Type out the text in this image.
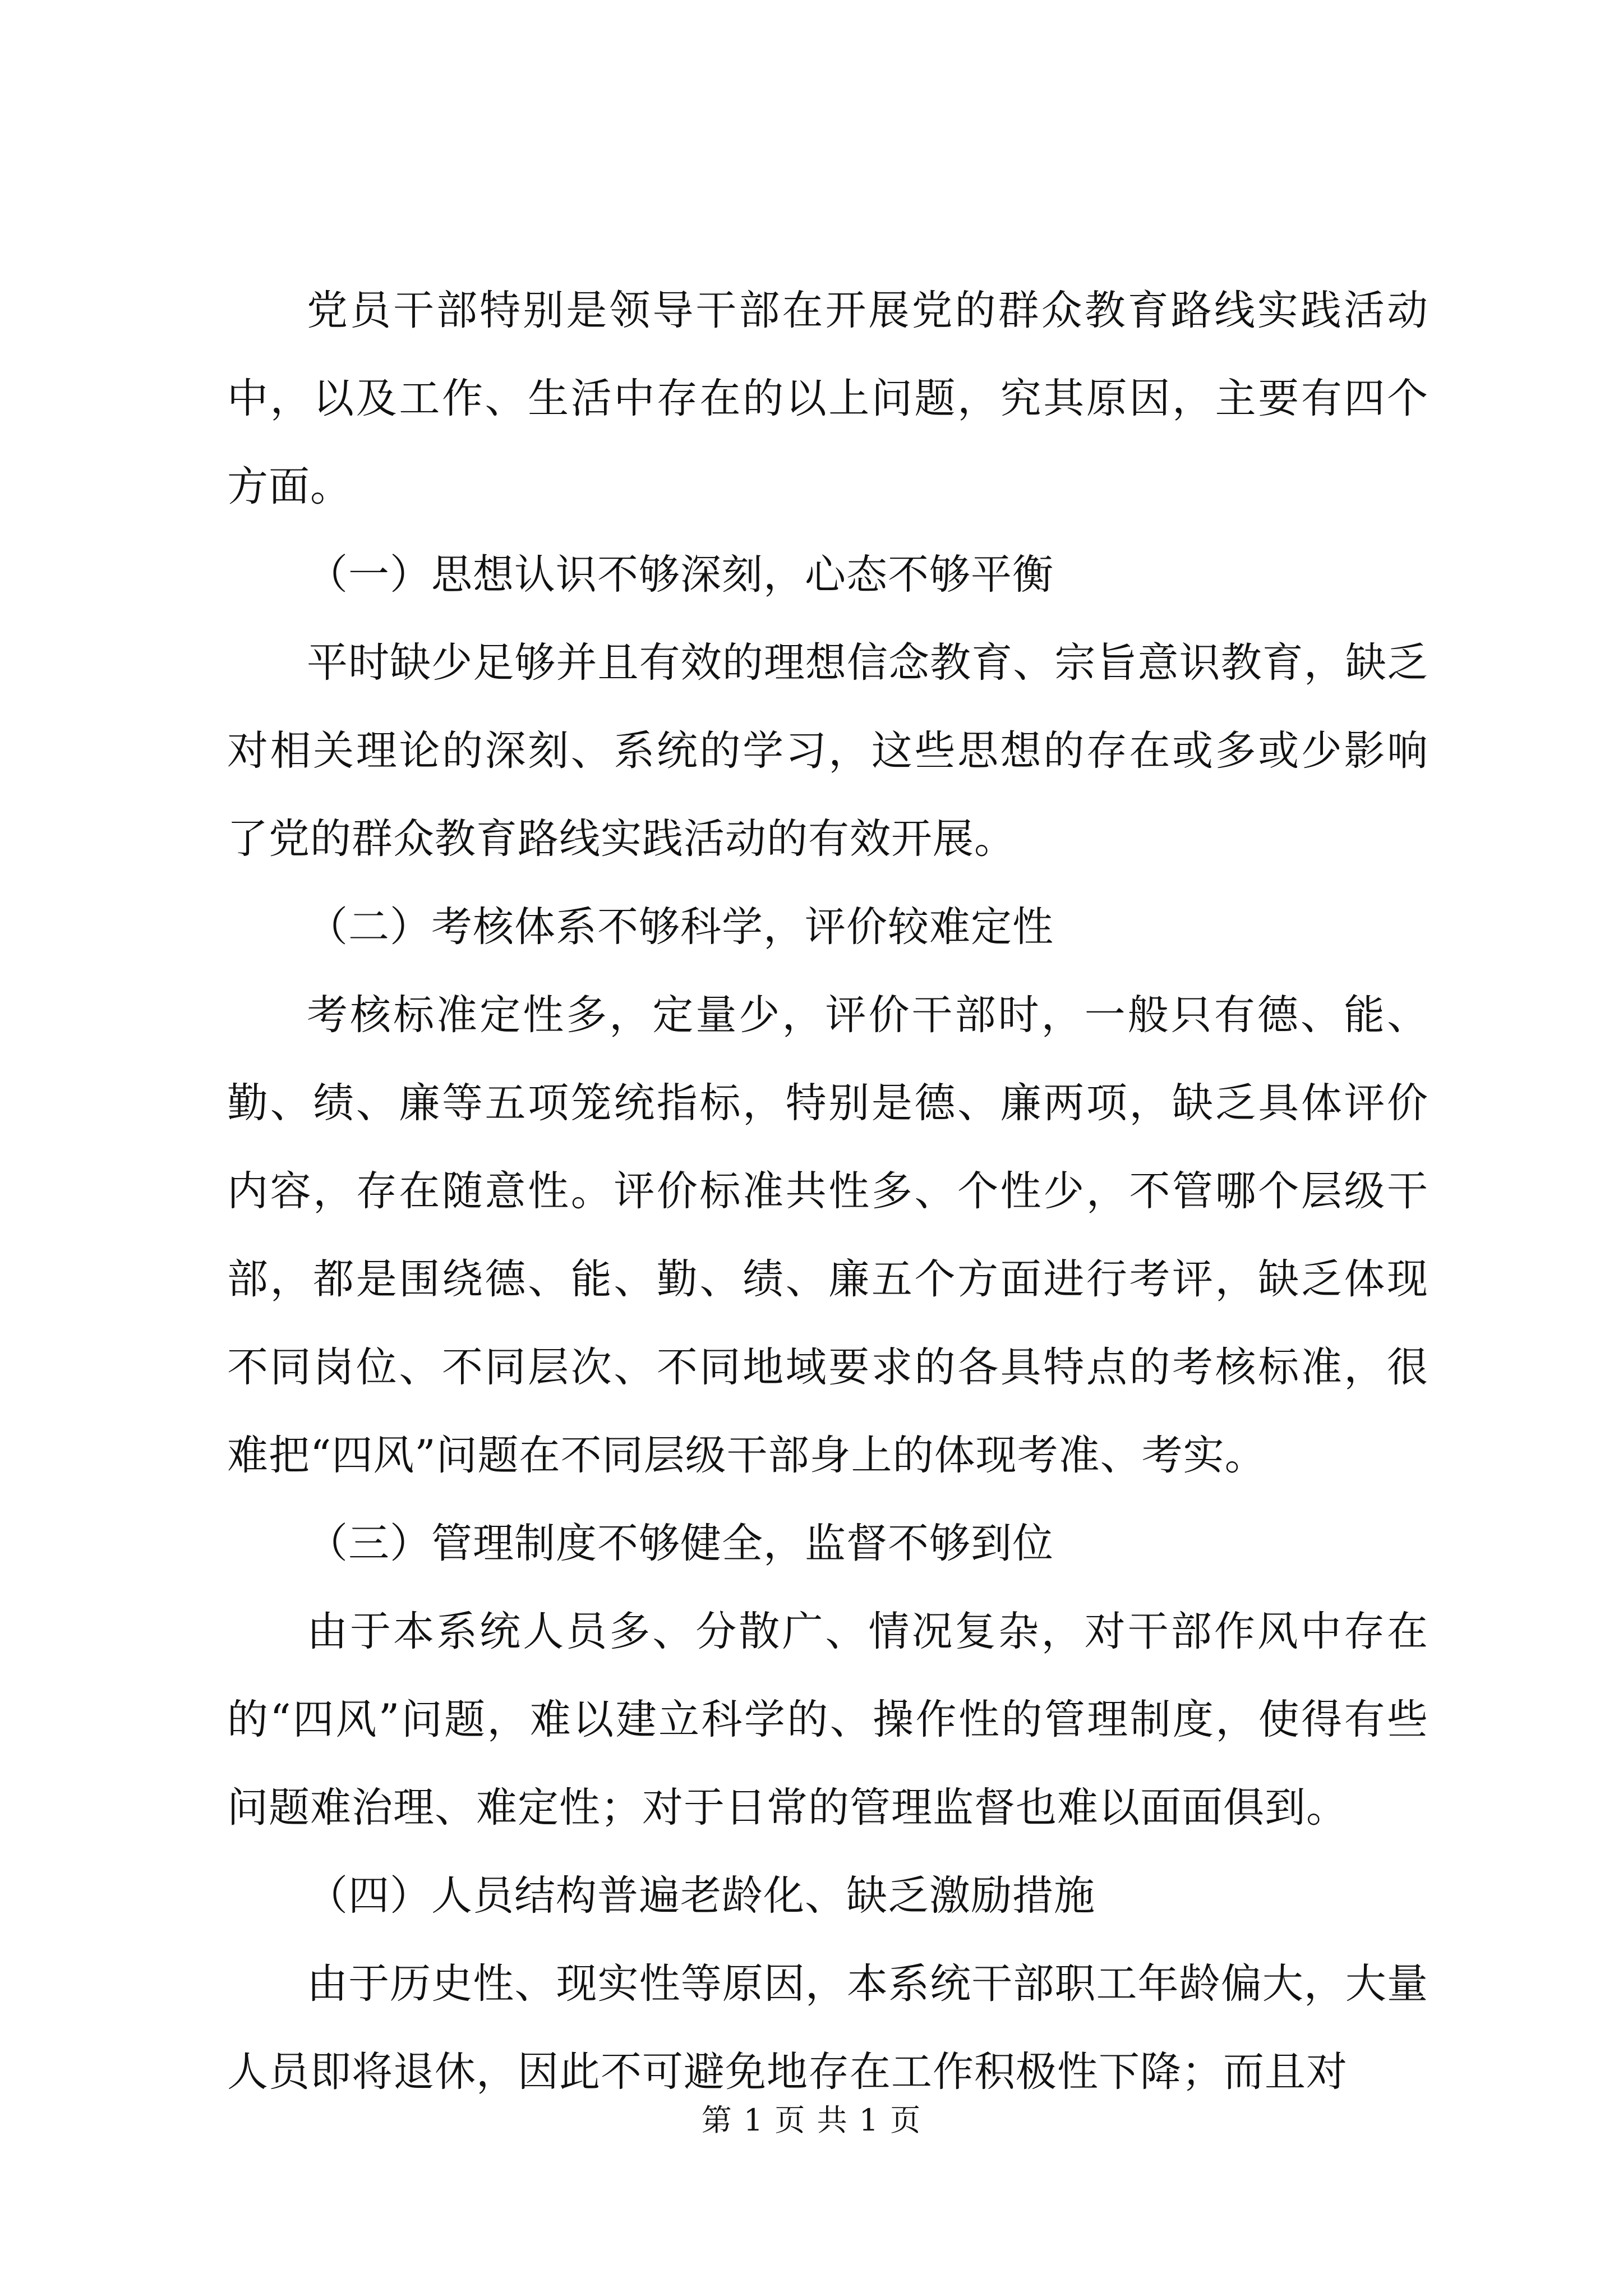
党员干部特别是领导干部在开展党的群众教育路线实践活动中，以及工作、生活中存在的以上问题，究其原因，主要有四个方面。

（一）思想认识不够深刻，心态不够平衡

平时缺少足够并且有效的理想信念教育、宗旨意识教育，缺乏对相关理论的深刻、系统的学习，这些思想的存在或多或少影响了党的群众教育路线实践活动的有效开展。

（二）考核体系不够科学，评价较难定性

考核标准定性多，定量少，评价干部时，一般只有德、能、勤、绩、廉等五项笼统指标，特别是德、廉两项，缺乏具体评价内容，存在随意性。评价标准共性多、个性少，不管哪个层级干部，都是围绕德、能、勤、绩、廉五个方面进行考评，缺乏体现不同岗位、不同层次、不同地域要求的各具特点的考核标准，很难把“四风”问题在不同层级干部身上的体现考准、考实。

（三）管理制度不够健全，监督不够到位

由于本系统人员多、分散广、情况复杂，对干部作风中存在的“四风”问题，难以建立科学的、操作性的管理制度，使得有些问题难治理、难定性；对于日常的管理监督也难以面面俱到。

（四）人员结构普遍老龄化、缺乏激励措施

由于历史性、现实性等原因，本系统干部职工年龄偏大，大量人员即将退休，因此不可避免地存在工作积极性下降；而且对

第 1 页 共 1 页
